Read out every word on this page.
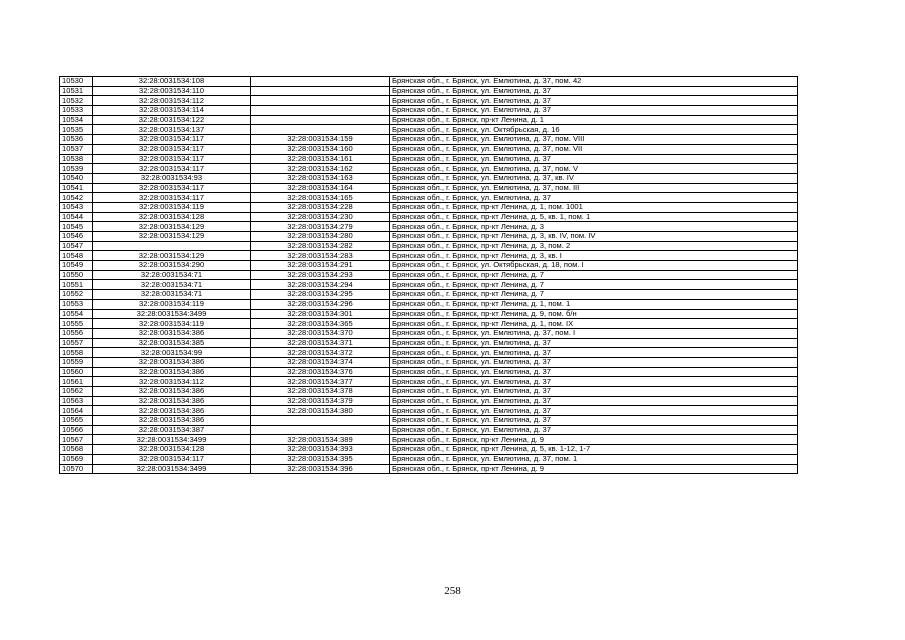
10530	32:28:0031534:108		Брянская обл., г. Брянск, ул. Емлютина, д. 37, пом. 42
10531	32:28:0031534:110		Брянская обл., г. Брянск, ул. Емлютина, д. 37
10532	32:28:0031534:112		Брянская обл., г. Брянск, ул. Емлютина, д. 37
10533	32:28:0031534:114		Брянская обл., г. Брянск, ул. Емлютина, д. 37
10534	32:28:0031534:122		Брянская обл., г. Брянск, пр-кт Ленина, д. 1
10535	32:28:0031534:137		Брянская обл., г. Брянск, ул. Октябрьская, д. 16
10536	32:28:0031534:117	32:28:0031534:159	Брянская обл., г. Брянск, ул. Емлютина, д. 37, пом. VIII
10537	32:28:0031534:117	32:28:0031534:160	Брянская обл., г. Брянск, ул. Емлютина, д. 37, пом. VII
10538	32:28:0031534:117	32:28:0031534:161	Брянская обл., г. Брянск, ул. Емлютина, д. 37
10539	32:28:0031534:117	32:28:0031534:162	Брянская обл., г. Брянск, ул. Емлютина, д. 37, пом. V
10540	32:28:0031534:93	32:28:0031534:163	Брянская обл., г. Брянск, ул. Емлютина, д. 37, кв. IV
10541	32:28:0031534:117	32:28:0031534:164	Брянская обл., г. Брянск, ул. Емлютина, д. 37, пом. III
10542	32:28:0031534:117	32:28:0031534:165	Брянская обл., г. Брянск, ул. Емлютина, д. 37
10543	32:28:0031534:119	32:28:0031534:228	Брянская обл., г. Брянск, пр-кт Ленина, д. 1, пом. 1001
10544	32:28:0031534:128	32:28:0031534:230	Брянская обл., г. Брянск, пр-кт Ленина, д. 5, кв. 1, пом. 1
10545	32:28:0031534:129	32:28:0031534:279	Брянская обл., г. Брянск, пр-кт Ленина, д. 3
10546	32:28:0031534:129	32:28:0031534:280	Брянская обл., г. Брянск, пр-кт Ленина, д. 3, кв. IV, пом. IV
10547		32:28:0031534:282	Брянская обл., г. Брянск, пр-кт Ленина, д. 3, пом. 2
10548	32:28:0031534:129	32:28:0031534:283	Брянская обл., г. Брянск, пр-кт Ленина, д. 3, кв. I
10549	32:28:0031534:290	32:28:0031534:291	Брянская обл., г. Брянск, ул. Октябрьская, д. 18, пом. I
10550	32:28:0031534:71	32:28:0031534:293	Брянская обл., г. Брянск, пр-кт Ленина, д. 7
10551	32:28:0031534:71	32:28:0031534:294	Брянская обл., г. Брянск, пр-кт Ленина, д. 7
10552	32:28:0031534:71	32:28:0031534:295	Брянская обл., г. Брянск, пр-кт Ленина, д. 7
10553	32:28:0031534:119	32:28:0031534:296	Брянская обл., г. Брянск, пр-кт Ленина, д. 1, пом. 1
10554	32:28:0031534:3499	32:28:0031534:301	Брянская обл., г. Брянск, пр-кт Ленина, д. 9, пом. б/н
10555	32:28:0031534:119	32:28:0031534:365	Брянская обл., г. Брянск, пр-кт Ленина, д. 1, пом. IX
10556	32:28:0031534:386	32:28:0031534:370	Брянская обл., г. Брянск, ул. Емлютина, д. 37, пом. I
10557	32:28:0031534:385	32:28:0031534:371	Брянская обл., г. Брянск, ул. Емлютина, д. 37
10558	32:28:0031534:99	32:28:0031534:372	Брянская обл., г. Брянск, ул. Емлютина, д. 37
10559	32:28:0031534:386	32:28:0031534:374	Брянская обл., г. Брянск, ул. Емлютина, д. 37
10560	32:28:0031534:386	32:28:0031534:376	Брянская обл., г. Брянск, ул. Емлютина, д. 37
10561	32:28:0031534:112	32:28:0031534:377	Брянская обл., г. Брянск, ул. Емлютина, д. 37
10562	32:28:0031534:386	32:28:0031534:378	Брянская обл., г. Брянск, ул. Емлютина, д. 37
10563	32:28:0031534:386	32:28:0031534:379	Брянская обл., г. Брянск, ул. Емлютина, д. 37
10564	32:28:0031534:386	32:28:0031534:380	Брянская обл., г. Брянск, ул. Емлютина, д. 37
10565	32:28:0031534:386		Брянская обл., г. Брянск, ул. Емлютина, д. 37
10566	32:28:0031534:387		Брянская обл., г. Брянск, ул. Емлютина, д. 37
10567	32:28:0031534:3499	32:28:0031534:389	Брянская обл., г. Брянск, пр-кт Ленина, д. 9
10568	32:28:0031534:128	32:28:0031534:393	Брянская обл., г. Брянск, пр-кт Ленина, д. 5, кв. 1-12, 1-7
10569	32:28:0031534:117	32:28:0031534:395	Брянская обл., г. Брянск, ул. Емлютина, д. 37, пом. 1
10570	32:28:0031534:3499	32:28:0031534:396	Брянская обл., г. Брянск, пр-кт Ленина, д. 9
258
